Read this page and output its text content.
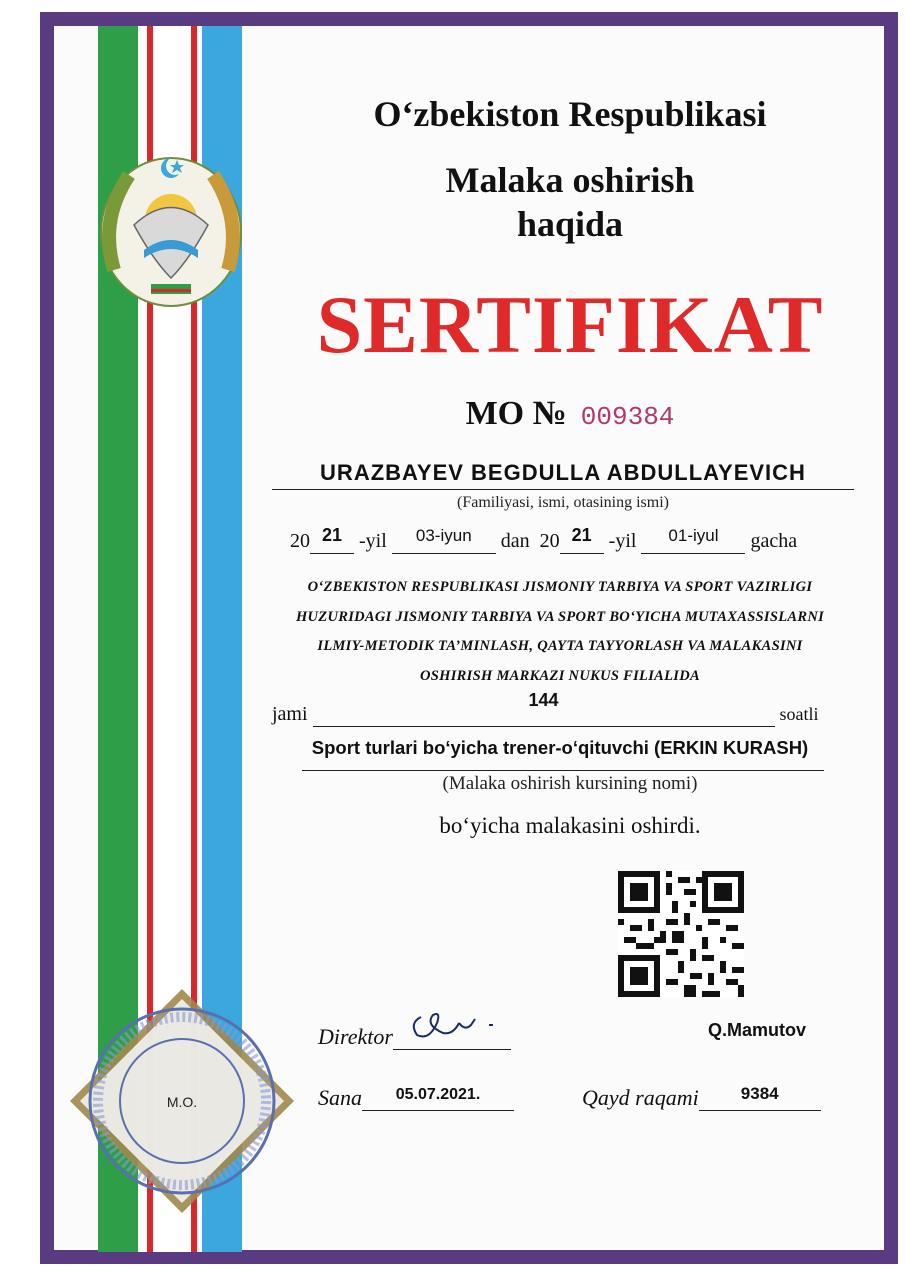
O‘zbekiston Respublikasi
Malaka oshirish
haqida
SERTIFIKAT
MO № 009384
URAZBAYEV BEGDULLA ABDULLAYEVICH
(Familiyasi, ismi, otasining ismi)
20 21 -yil $^{03-iyun}$ dan 20 21 -yil $^{01-iyul}$ gacha
O‘ZBEKISTON RESPUBLIKASI JISMONIY TARBIYA VA SPORT VAZIRLIGI
HUZURIDAGI JISMONIY TARBIYA VA SPORT BO‘YICHA MUTAXASSISLARNI
ILMIY-METODIK TA’MINLASH, QAYTA TAYYORLASH VA MALAKASINI
OSHIRISH MARKAZI NUKUS FILIALIDA
jami 144 soatli
Sport turlari bo‘yicha trener-o‘qituvchi (ERKIN KURASH)
(Malaka oshirish kursining nomi)
bo‘yicha malakasini oshirdi.
M.O.
Direktor	Q.Mamutov
Sana 05.07.2021.	Qayd raqami 9384
